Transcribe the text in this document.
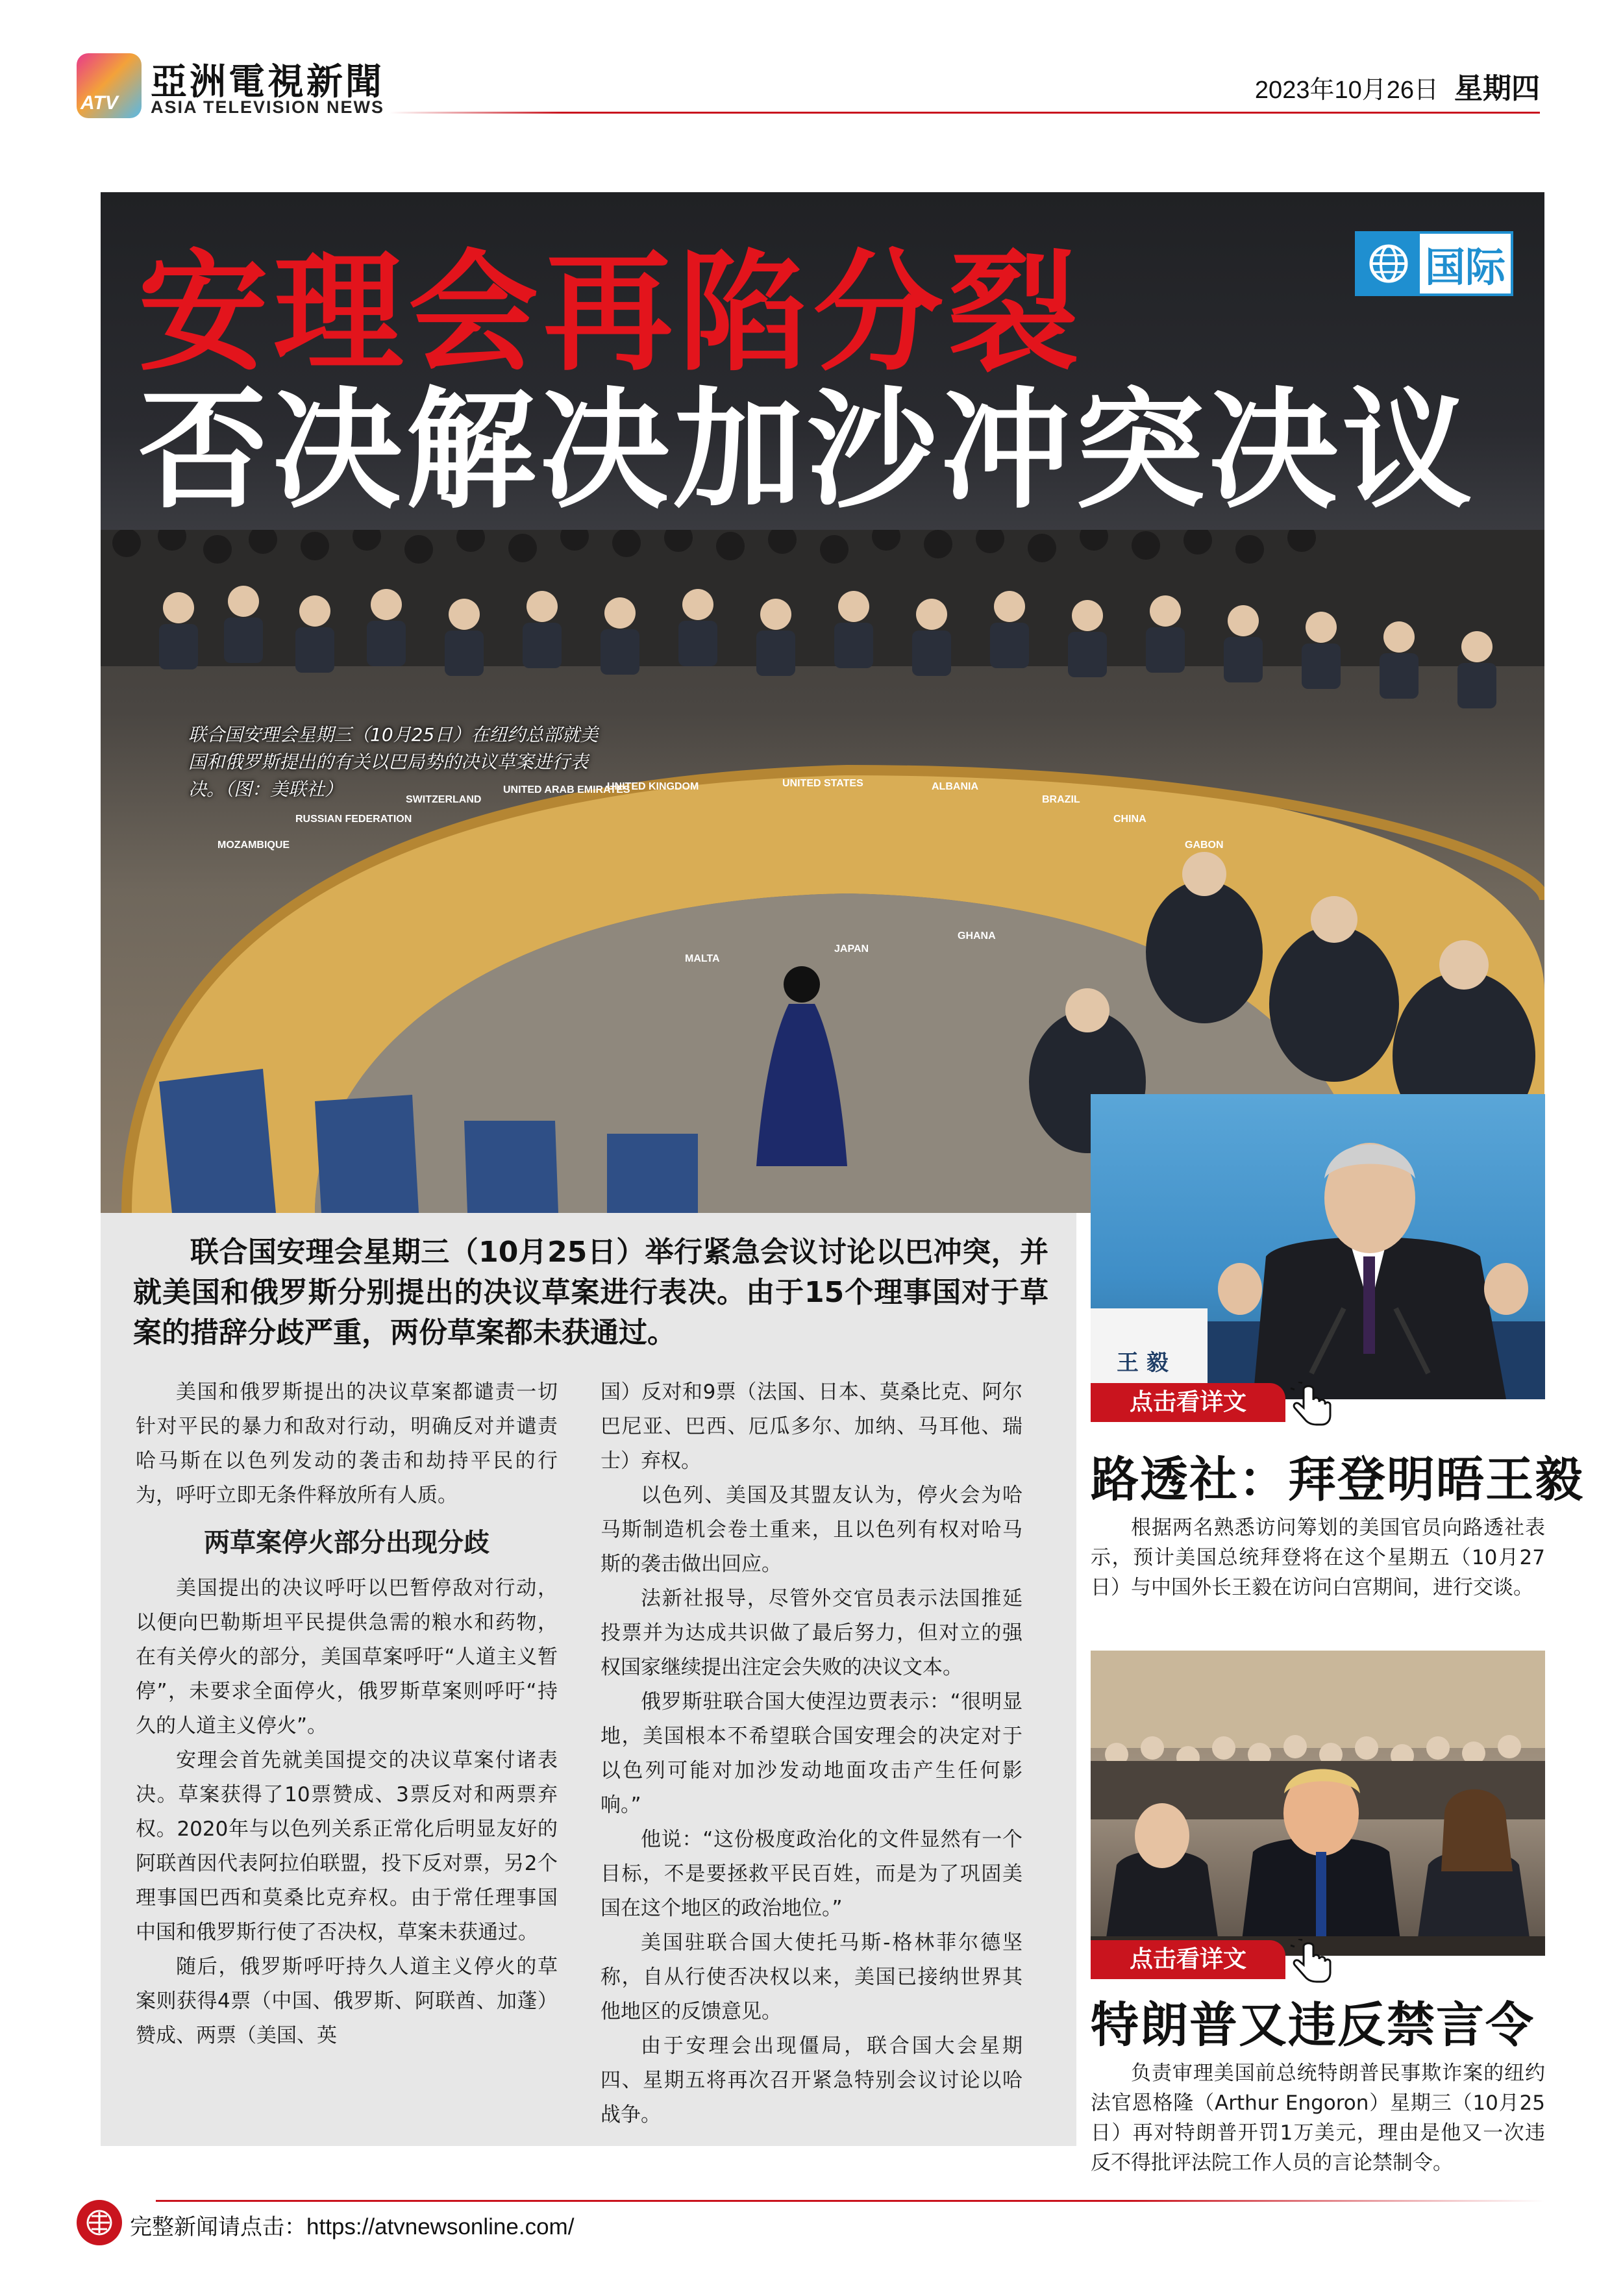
ATV 亞洲電視新聞
ASIA TELEVISION NEWS
2023年10月26日 星期四
UNITED KINGDOM	UNITED STATES	ALBANIA
BRAZIL
CHINA
GABON
GHANA
JAPAN
MALTA
MOZAMBIQUE
RUSSIAN FEDERATION
SWITZERLAND
UNITED ARAB EMIRATES
联合国安理会星期三（10月25日）在纽约总部就美国和俄罗斯提出的有关以巴局势的决议草案进行表决。（图：美联社）
安理会再陷分裂
否决解决加沙冲突决议
国际
联合国安理会星期三（10月25日）举行紧急会议讨论以巴冲突，并就美国和俄罗斯分别提出的决议草案进行表决。由于15个理事国对于草案的措辞分歧严重，两份草案都未获通过。

美国和俄罗斯提出的决议草案都谴责一切针对平民的暴力和敌对行动，明确反对并谴责哈马斯在以色列发动的袭击和劫持平民的行为，呼吁立即无条件释放所有人质。

两草案停火部分出现分歧

美国提出的决议呼吁以巴暂停敌对行动，以便向巴勒斯坦平民提供急需的粮水和药物，在有关停火的部分，美国草案呼吁“人道主义暂停”，未要求全面停火，俄罗斯草案则呼吁“持久的人道主义停火”。

安理会首先就美国提交的决议草案付诸表决。草案获得了10票赞成、3票反对和两票弃权。2020年与以色列关系正常化后明显友好的阿联酋因代表阿拉伯联盟，投下反对票，另2个理事国巴西和莫桑比克弃权。由于常任理事国中国和俄罗斯行使了否决权，草案未获通过。

随后，俄罗斯呼吁持久人道主义停火的草案则获得4票（中国、俄罗斯、阿联酋、加蓬）赞成、两票（美国、英

国）反对和9票（法国、日本、莫桑比克、阿尔巴尼亚、巴西、厄瓜多尔、加纳、马耳他、瑞士）弃权。

以色列、美国及其盟友认为，停火会为哈马斯制造机会卷土重来，且以色列有权对哈马斯的袭击做出回应。

法新社报导，尽管外交官员表示法国推延投票并为达成共识做了最后努力，但对立的强权国家继续提出注定会失败的决议文本。

俄罗斯驻联合国大使涅边贾表示：“很明显地，美国根本不希望联合国安理会的决定对于以色列可能对加沙发动地面攻击产生任何影响。”

他说：“这份极度政治化的文件显然有一个目标，不是要拯救平民百姓，而是为了巩固美国在这个地区的政治地位。”

美国驻联合国大使托马斯-格林菲尔德坚称，自从行使否决权以来，美国已接纳世界其他地区的反馈意见。

由于安理会出现僵局，联合国大会星期四、星期五将再次召开紧急特别会议讨论以哈战争。

王 毅
点击看详文
路透社：拜登明晤王毅
根据两名熟悉访问筹划的美国官员向路透社表示，预计美国总统拜登将在这个星期五（10月27日）与中国外长王毅在访问白宫期间，进行交谈。
点击看详文
特朗普又违反禁言令
负责审理美国前总统特朗普民事欺诈案的纽约法官恩格隆（Arthur Engoron）星期三（10月25日）再对特朗普开罚1万美元，理由是他又一次违反不得批评法院工作人员的言论禁制令。
完整新闻请点击：https://atvnewsonline.com/
